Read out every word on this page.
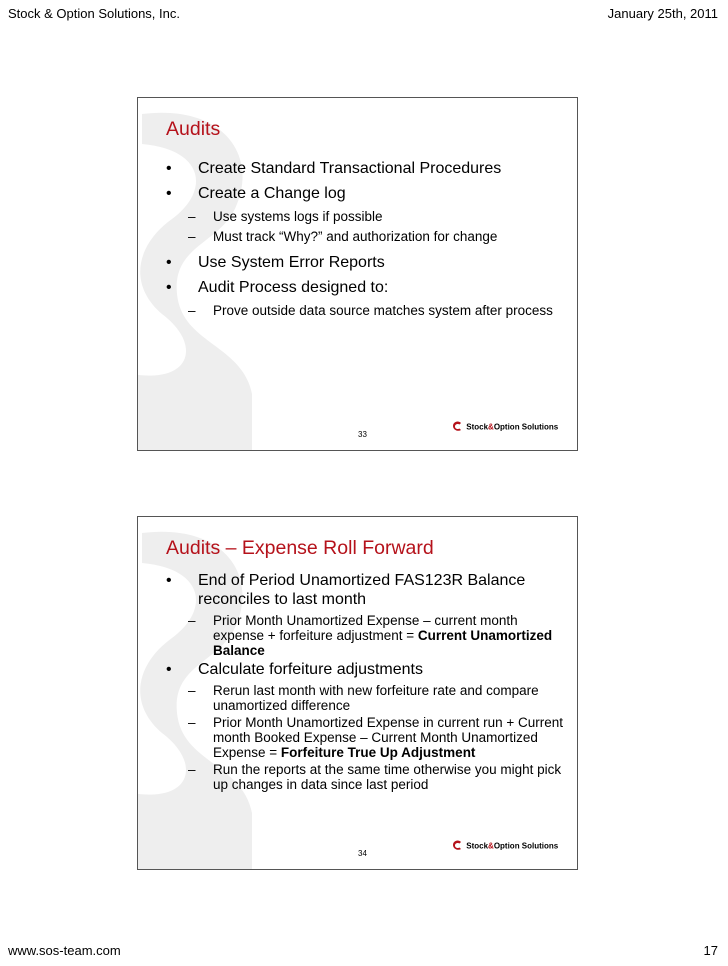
Stock & Option Solutions, Inc.	January 25th, 2011
Audits
• Create Standard Transactional Procedures
• Create a Change log
– Use systems logs if possible
– Must track “Why?” and authorization for change
• Use System Error Reports
• Audit Process designed to:
– Prove outside data source matches system after process
33
Stock&Option Solutions
Audits – Expense Roll Forward
• End of Period Unamortized FAS123R Balance reconciles to last month
– Prior Month Unamortized Expense – current month expense + forfeiture adjustment = Current Unamortized Balance
• Calculate forfeiture adjustments
– Rerun last month with new forfeiture rate and compare unamortized difference
– Prior Month Unamortized Expense in current run + Current month Booked Expense – Current Month Unamortized Expense = Forfeiture True Up Adjustment
– Run the reports at the same time otherwise you might pick up changes in data since last period
34
Stock&Option Solutions
www.sos-team.com	17
